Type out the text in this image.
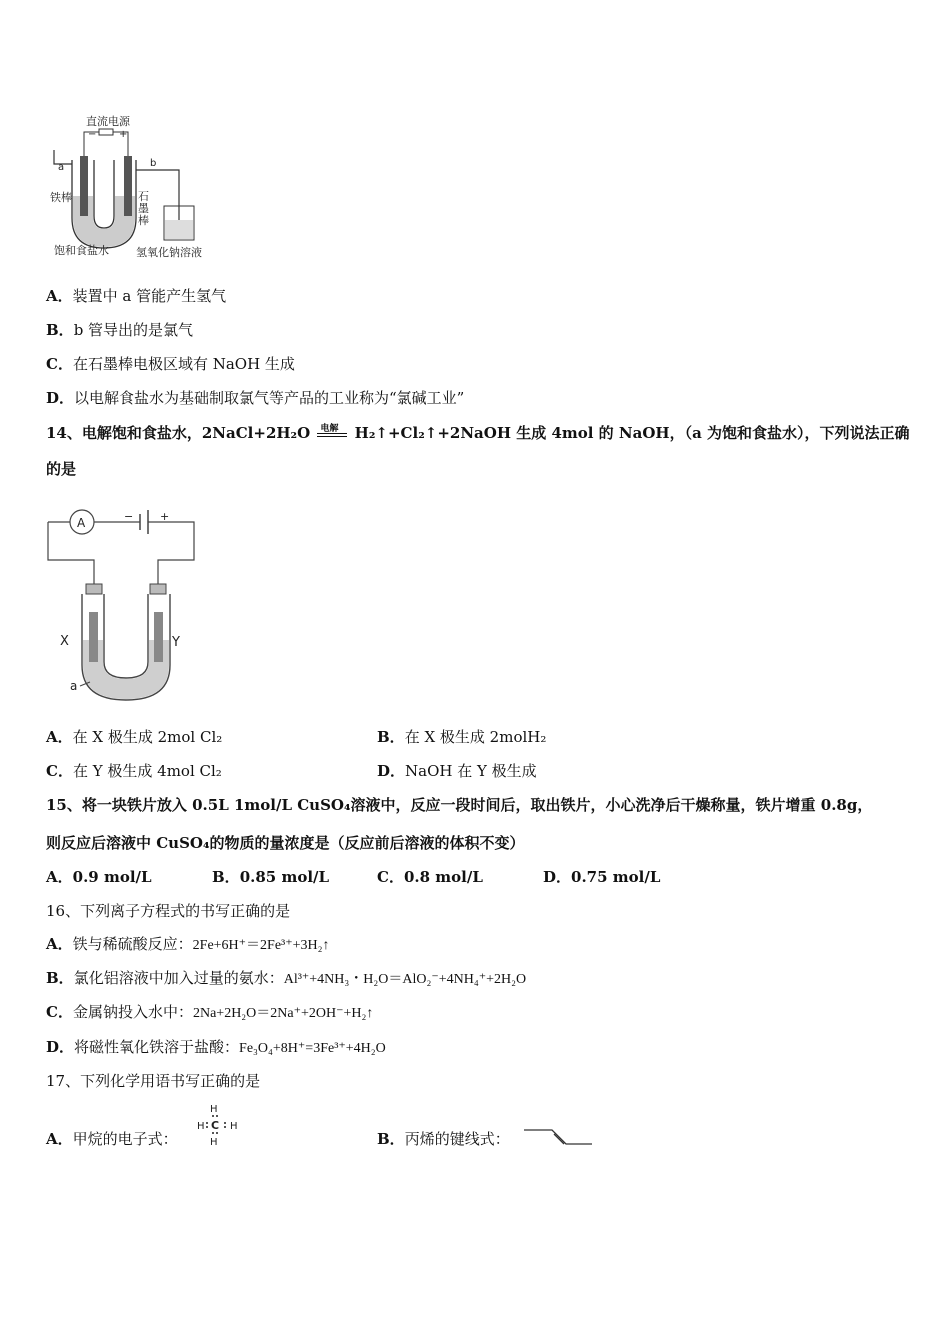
直流电源
− +
a	b
铁棒	石墨棒
饱和食盐水 氢氧化钠溶液
A．装置中 a 管能产生氢气
B．b 管导出的是氯气
C．在石墨棒电极区域有 NaOH 生成
D．以电解食盐水为基础制取氯气等产品的工业称为“氯碱工业”
14、电解饱和食盐水，2NaCl+2H₂O 电解 H₂↑+Cl₂↑+2NaOH 生成 4mol 的 NaOH，（a 为饱和食盐水），下列说法正确
的是
A	− +
X	Y
a
A．在 X 极生成 2mol Cl₂	B．在 X 极生成 2molH₂
C．在 Y 极生成 4mol Cl₂	D．NaOH 在 Y 极生成
15、将一块铁片放入 0.5L 1mol/L CuSO₄溶液中，反应一段时间后，取出铁片，小心洗净后干燥称量，铁片增重 0.8g，
则反应后溶液中 CuSO₄的物质的量浓度是（反应前后溶液的体积不变）
A．0.9 mol/L	B．0.85 mol/L	C．0.8 mol/L	D．0.75 mol/L
16、下列离子方程式的书写正确的是
A．铁与稀硫酸反应：2Fe+6H⁺＝2Fe³⁺+3H₂↑
B．氯化铝溶液中加入过量的氨水：Al³⁺+4NH₃・H₂O＝AlO₂⁻+4NH₄⁺+2H₂O
C．金属钠投入水中：2Na+2H₂O＝2Na⁺+2OH⁻+H₂↑
D．将磁性氧化铁溶于盐酸：Fe₃O₄+8H⁺=3Fe³⁺+4H₂O
17、下列化学用语书写正确的是
A．甲烷的电子式：
H
H C H
H	B．丙烯的键线式：
